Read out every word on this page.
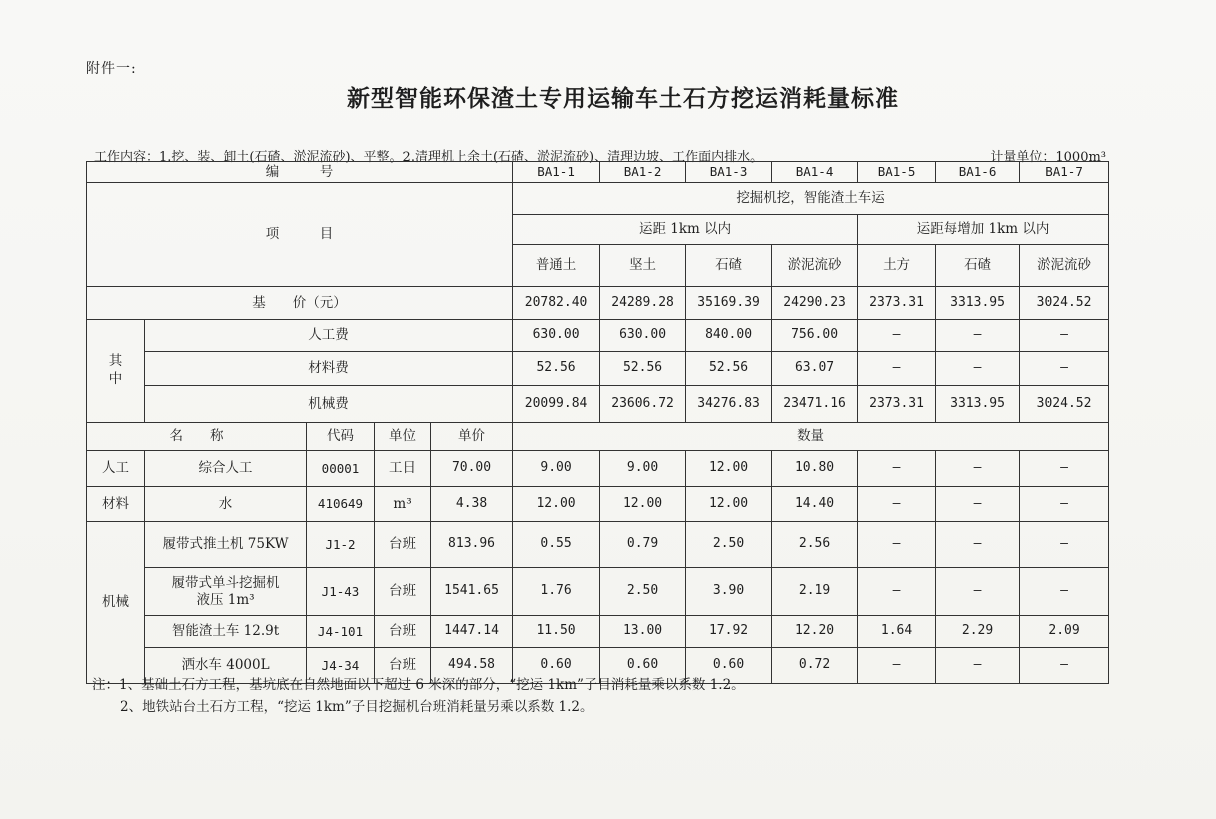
附件一:
新型智能环保渣土专用运输车土石方挖运消耗量标准
工作内容：1.挖、装、卸土(石碴、淤泥流砂)、平整。2.清理机上余土(石碴、淤泥流砂)、清理边坡、工作面内排水。	计量单位：1000m³
编　　　号					BA1-1	BA1-2	BA1-3	BA1-4	BA1-5	BA1-6	BA1-7
项　　　目					挖掘机挖，智能渣土车运						
					运距 1km 以内				运距每增加 1km 以内		
					普通土	坚土	石碴	淤泥流砂	土方	石碴	淤泥流砂
基　　价（元）					20782.40	24289.28	35169.39	24290.23	2373.31	3313.95	3024.52
其中	人工费				630.00	630.00	840.00	756.00	–	–	–
	材料费				52.56	52.56	52.56	63.07	–	–	–
	机械费				20099.84	23606.72	34276.83	23471.16	2373.31	3313.95	3024.52
名　　称		代码	单位	单价	数量						
人工	综合人工	00001	工日	70.00	9.00	9.00	12.00	10.80	–	–	–
材料	水	410649	m³	4.38	12.00	12.00	12.00	14.40	–	–	–
机械	履带式推土机 75KW	J1-2	台班	813.96	0.55	0.79	2.50	2.56	–	–	–
	履带式单斗挖掘机
液压 1m³	J1-43	台班	1541.65	1.76	2.50	3.90	2.19	–	–	–
	智能渣土车 12.9t	J4-101	台班	1447.14	11.50	13.00	17.92	12.20	1.64	2.29	2.09
	洒水车 4000L	J4-34	台班	494.58	0.60	0.60	0.60	0.72	–	–	–
注：1、基础土石方工程，基坑底在自然地面以下超过 6 米深的部分，“挖运 1km”子目消耗量乘以系数 1.2。
2、地铁站台土石方工程，“挖运 1km”子目挖掘机台班消耗量另乘以系数 1.2。
